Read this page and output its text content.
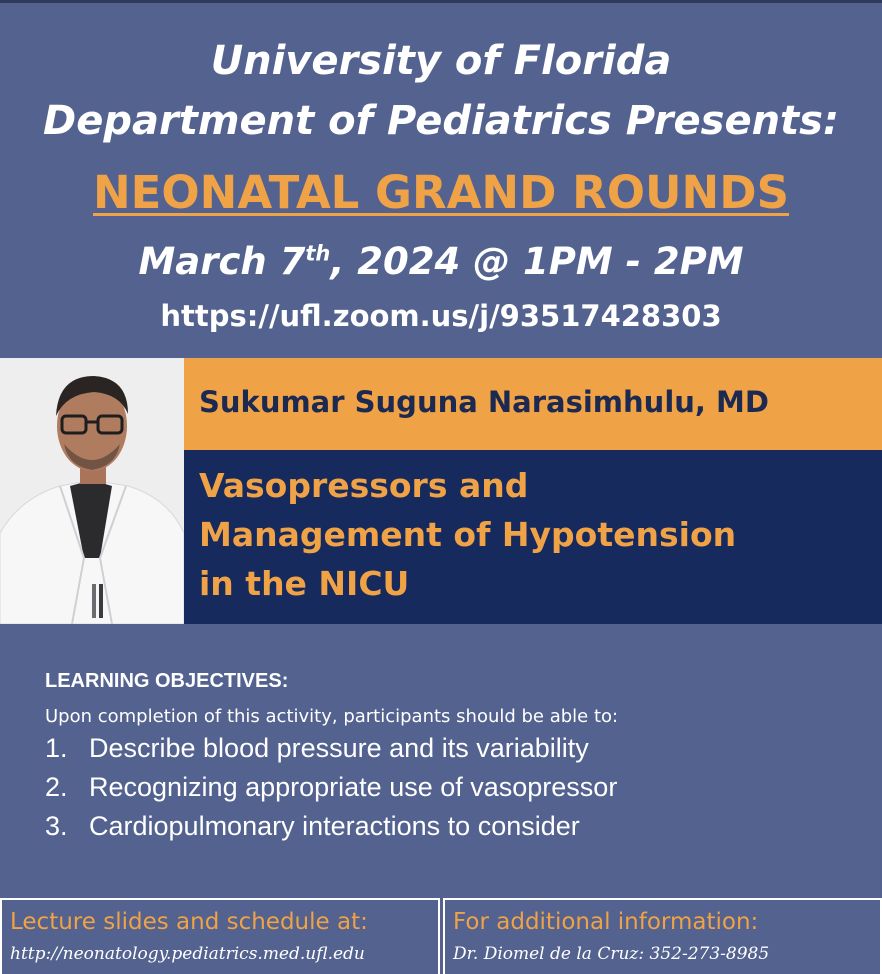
University of Florida
Department of Pediatrics Presents:
NEONATAL GRAND ROUNDS
March 7th, 2024 @ 1PM - 2PM
https://ufl.zoom.us/j/93517428303
Sukumar Suguna Narasimhulu, MD
Vasopressors and
Management of Hypotension
in the NICU
LEARNING OBJECTIVES:
Upon completion of this activity, participants should be able to:
1. Describe blood pressure and its variability
2. Recognizing appropriate use of vasopressor
3. Cardiopulmonary interactions to consider
Lecture slides and schedule at:
http://neonatology.pediatrics.med.ufl.edu
For additional information:
Dr. Diomel de la Cruz: 352-273-8985
